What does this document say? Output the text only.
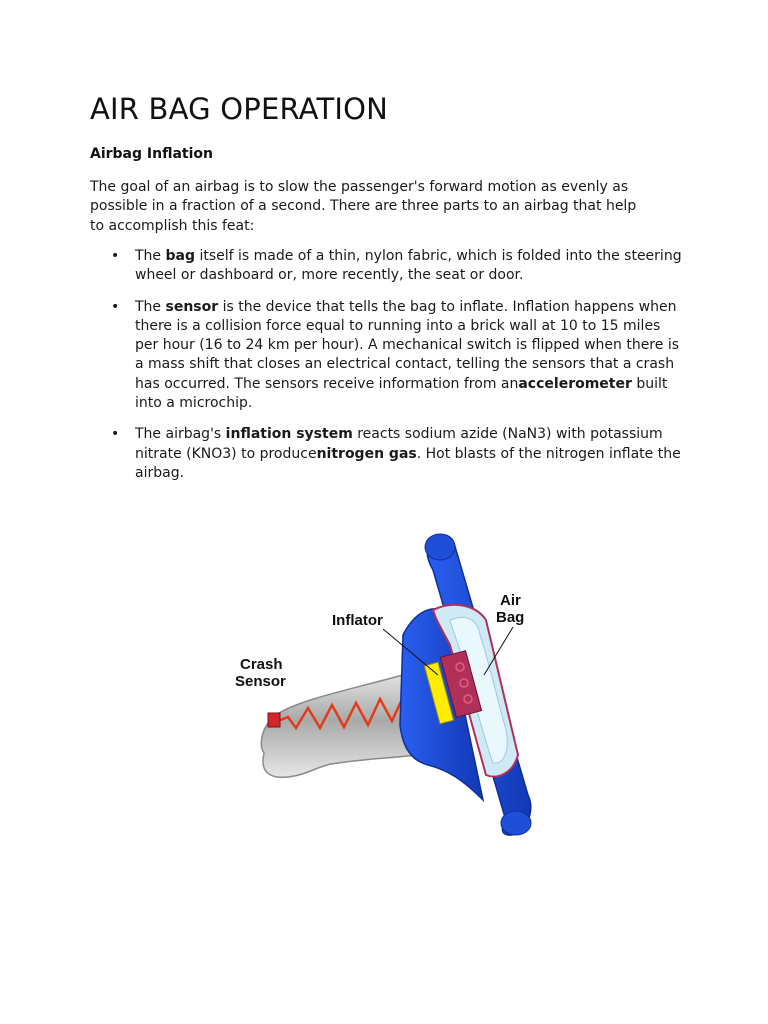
AIR BAG OPERATION
Airbag Inflation

The goal of an airbag is to slow the passenger's forward motion as evenly as possible in a fraction of a second. There are three parts to an airbag that help to accomplish this feat:

• The bag itself is made of a thin, nylon fabric, which is folded into the steering wheel or dashboard or, more recently, the seat or door.
• The sensor is the device that tells the bag to inflate. Inflation happens when there is a collision force equal to running into a brick wall at 10 to 15 miles per hour (16 to 24 km per hour). A mechanical switch is flipped when there is a mass shift that closes an electrical contact, telling the sensors that a crash has occurred. The sensors receive information from anaccelerometer built into a microchip.
• The airbag's inflation system reacts sodium azide (NaN3) with potassium nitrate (KNO3) to producenitrogen gas. Hot blasts of the nitrogen inflate the airbag.
Inflator
Air
Bag
Crash
Sensor
